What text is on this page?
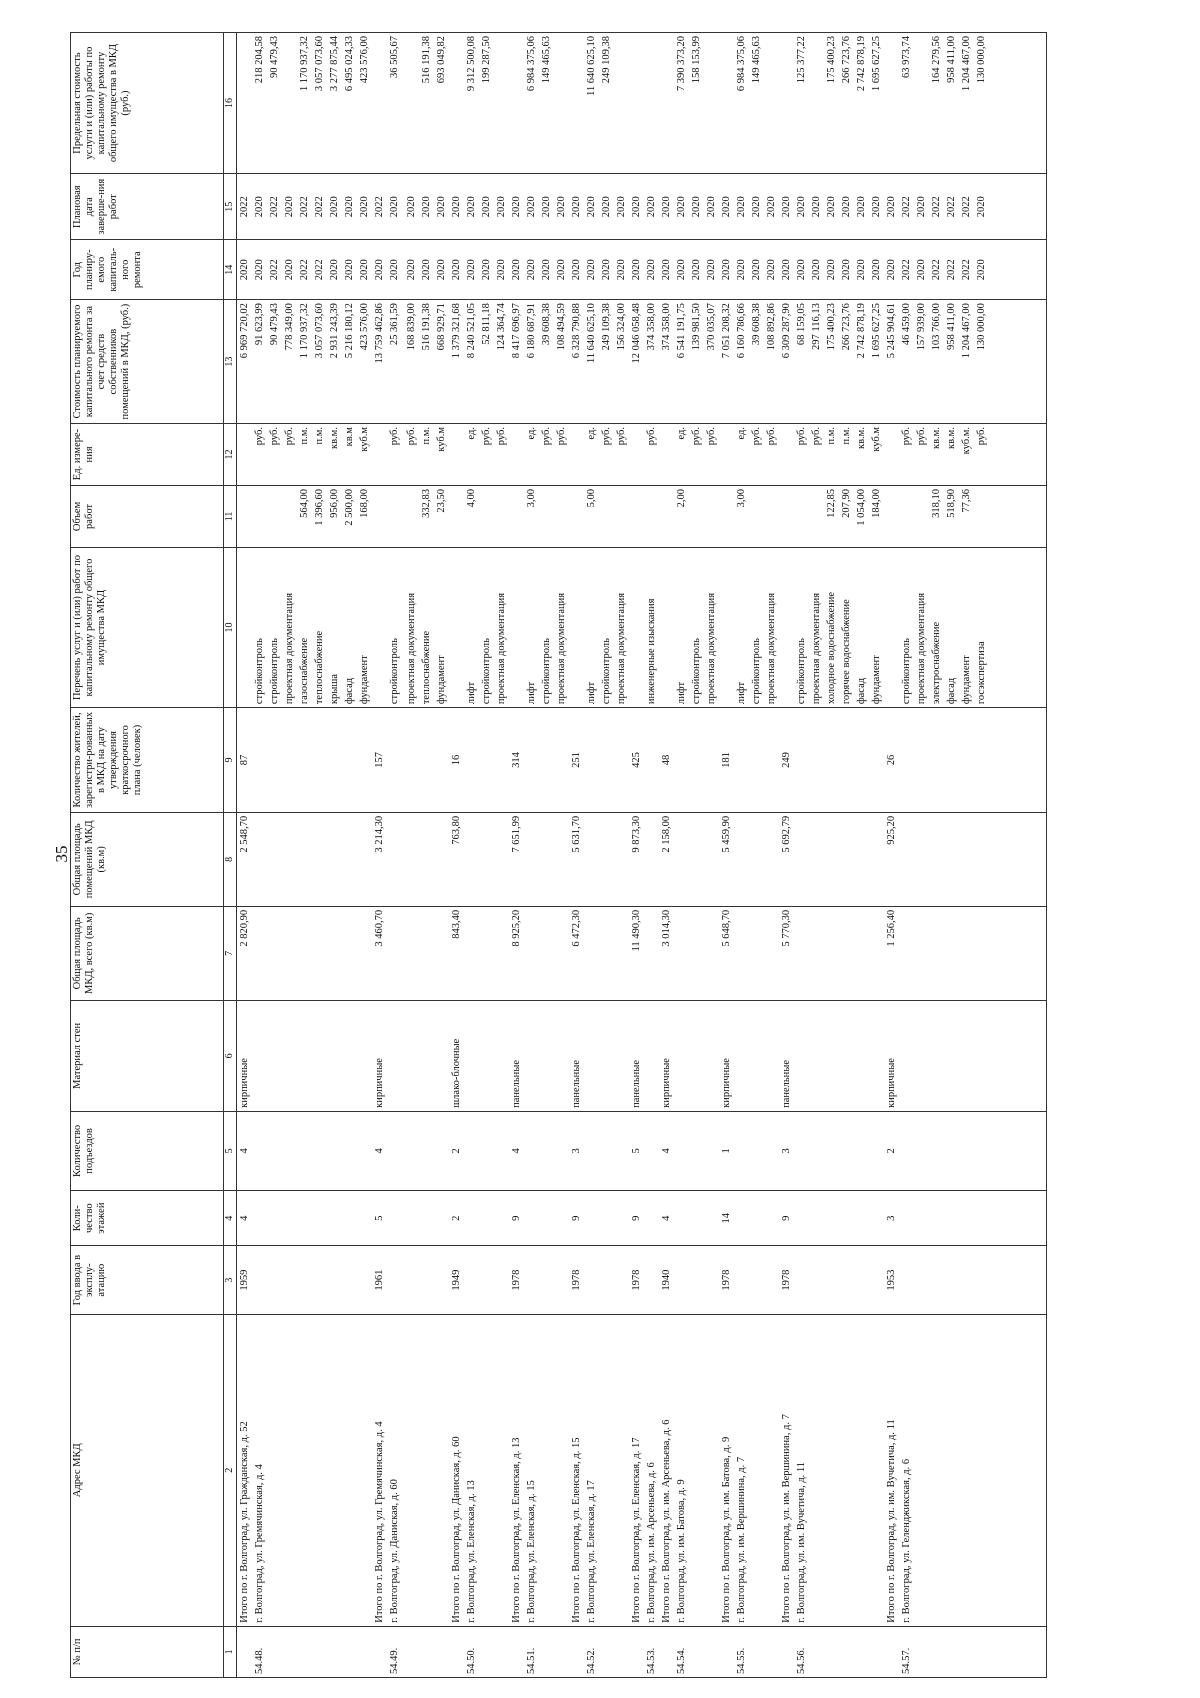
35
№ п/п	Адрес МКД	Год ввода в эксплу-атацию	Коли-чество этажей	Количество подъездов	Материал стен	Общая площадь МКД, всего (кв.м)	Общая площадь помещений МКД (кв.м)	Количество жителей, зарегистри-рованных в МКД на дату утверждения краткосрочного плана (человек)	Перечень услуг и (или) работ по капитальному ремонту общего имущества МКД	Объем работ	Ед. измере-ния	Стоимость планируемого капитального ремонта за счет средств собственников помещений в МКД, (руб.)	Год планиру-емого капиталь-ного ремонта	Плановая дата заверше-ния работ	Предельная стоимость услуги и (или) работы по капитальному ремонту общего имущества в МКД (руб.)
1	2	3	4	5	6	7	8	9	10	11	12	13	14	15	16
	Итого по г. Волгоград, ул. Гражданская, д. 52	1959	4	4	кирпичные	2 820,90	2 548,70	87				6 969 720,02	2020	2022	
54.48.	г. Волгоград, ул. Гремячинская, д. 4								стройконтроль		руб.	91 623,99	2020	2020	218 204,58
									стройконтроль		руб.	90 479,43	2022	2022	90 479,43
									проектная документация		руб.	778 349,00	2020	2020	
									газоснабжение	564,00	п.м.	1 170 937,32	2022	2022	1 170 937,32
									теплоснабжение	1 396,60	п.м.	3 057 073,60	2022	2022	3 057 073,60
									крыша	956,00	кв.м.	2 931 243,39	2020	2020	3 277 875,44
									фасад	2 500,00	кв.м	5 216 180,12	2020	2020	6 495 024,33
									фундамент	168,00	куб.м	423 576,00	2020	2020	423 576,00
	Итого по г. Волгоград, ул. Гремячинская, д. 4	1961	5	4	кирпичные	3 460,70	3 214,30	157				13 759 462,86	2020	2022	
54.49.	г. Волгоград, ул. Даниская, д. 60								стройконтроль		руб.	25 361,59	2020	2020	36 505,67

									проектная документация		руб.	168 839,00	2020	2020	
									теплоснабжение	332,83	п.м.	516 191,38	2020	2020	516 191,38
									фундамент	23,50	куб.м	668 929,71	2020	2020	693 049,82
	Итого по г. Волгоград, ул. Даниская, д. 60	1949	2	2	шлако-блочные	843,40	763,80	16				1 379 321,68	2020	2020	
54.50.	г. Волгоград, ул. Еленская, д. 13								лифт	4,00	ед.	8 240 521,05	2020	2020	9 312 500,08
									стройконтроль		руб.	52 811,18	2020	2020	199 287,50
									проектная документация		руб.	124 364,74	2020	2020	
	Итого по г. Волгоград, ул. Еленская, д. 13	1978	9	4	панельные	8 925,20	7 651,99	314				8 417 696,97	2020	2020	
54.51.	г. Волгоград, ул. Еленская, д. 15								лифт	3,00	ед.	6 180 687,91	2020	2020	6 984 375,06
									стройконтроль		руб.	39 608,38	2020	2020	149 465,63
									проектная документация		руб.	108 494,59	2020	2020	
	Итого по г. Волгоград, ул. Еленская, д. 15	1978	9	3	панельные	6 472,30	5 631,70	251				6 328 790,88	2020	2020	
54.52.	г. Волгоград, ул. Еленская, д. 17								лифт	5,00	ед.	11 640 625,10	2020	2020	11 640 625,10
									стройконтроль		руб.	249 109,38	2020	2020	249 109,38
									проектная документация		руб.	156 324,00	2020	2020	
	Итого по г. Волгоград, ул. Еленская, д. 17	1978	9	5	панельные	11 490,30	9 873,30	425				12 046 058,48	2020	2020	
54.53.	г. Волгоград, ул. им. Арсеньева, д. 6								инженерные изыскания		руб.	374 358,00	2020	2020	
	Итого по г. Волгоград, ул. им. Арсеньева, д. 6	1940	4	4	кирпичные	3 014,30	2 158,00	48				374 358,00	2020	2020	
54.54.	г. Волгоград, ул. им. Батова, д. 9								лифт	2,00	ед.	6 541 191,75	2020	2020	7 390 373,20
									стройконтроль		руб.	139 981,50	2020	2020	158 153,99
									проектная документация		руб.	370 035,07	2020	2020	
	Итого по г. Волгоград, ул. им. Батова, д. 9	1978	14	1	кирпичные	5 648,70	5 459,90	181				7 051 208,32	2020	2020	
54.55.	г. Волгоград, ул. им. Вершинина, д. 7								лифт	3,00	ед.	6 160 786,66	2020	2020	6 984 375,06
									стройконтроль		руб.	39 608,38	2020	2020	149 465,63
									проектная документация		руб.	108 892,86	2020	2020	
	Итого по г. Волгоград, ул. им. Вершинина, д. 7	1978	9	3	панельные	5 770,30	5 692,79	249				6 309 287,90	2020	2020	
54.56.	г. Волгоград, ул. им. Вучетича, д. 11								стройконтроль		руб.	68 159,05	2020	2020	125 377,22
									проектная документация		руб.	297 116,13	2020	2020	
									холодное водоснабжение	122,85	п.м.	175 400,23	2020	2020	175 400,23
									горячее водоснабжение	207,90	п.м.	266 723,76	2020	2020	266 723,76
									фасад	1 054,00	кв.м.	2 742 878,19	2020	2020	2 742 878,19
									фундамент	184,00	куб.м	1 695 627,25	2020	2020	1 695 627,25
	Итого по г. Волгоград, ул. им. Вучетича, д. 11	1953	3	2	кирпичные	1 256,40	925,20	26				5 245 904,61	2020	2020	
54.57.	г. Волгоград, ул. Геленджикская, д. 6								стройконтроль		руб.	46 459,00	2022	2022	63 973,74
									проектная документация		руб.	157 939,00	2020	2020	
									электроснабжение	318,10	кв.м.	103 766,00	2022	2022	164 279,56
									фасад	518,90	кв.м.	958 411,00	2022	2022	958 411,00
									фундамент	77,36	куб.м.	1 204 467,00	2022	2022	1 204 467,00
									госэкспертиза		руб.	130 000,00	2020	2020	130 000,00
